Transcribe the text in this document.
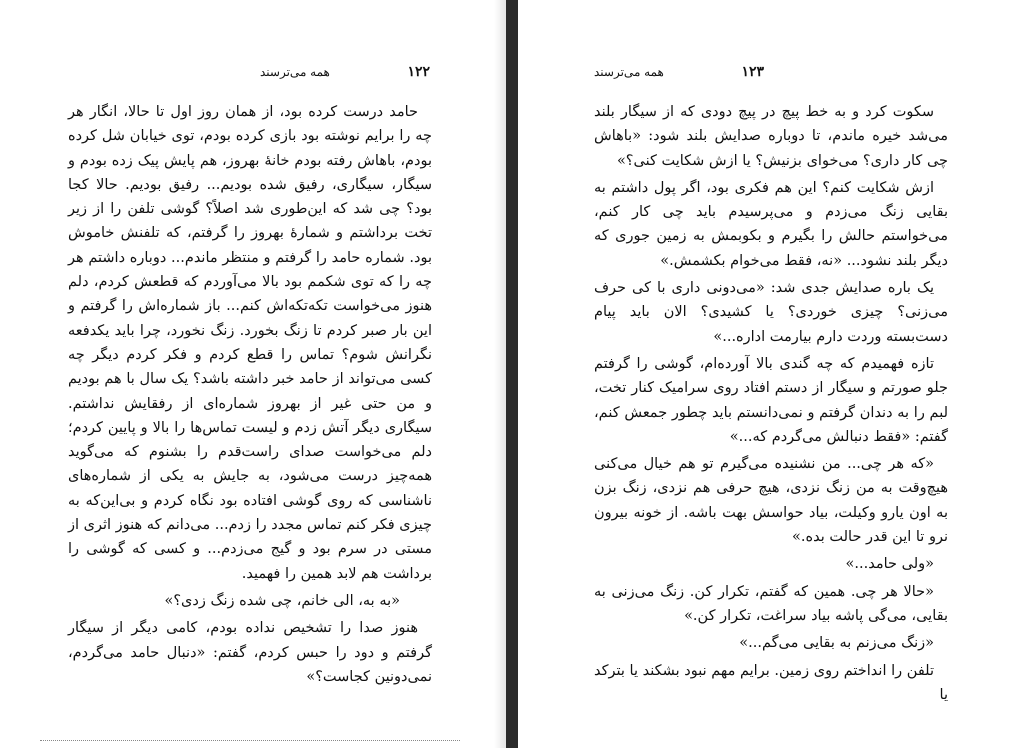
۱۲۲
همه می‌ترسند

حامد درست کرده بود، از همان روز اول تا حالا، انگار هر چه را برایم نوشته بود بازی کرده بودم، توی خیابان شل کرده بودم، باهاش رفته بودم خانهٔ بهروز، هم پایش پیک زده بودم و سیگار، سیگاری، رفیق شده بودیم... رفیق بودیم. حالا کجا بود؟ چی شد که این‌طوری شد اصلاً؟ گوشی تلفن را از زیر تخت برداشتم و شمارهٔ بهروز را گرفتم، که تلفنش خاموش بود. شماره حامد را گرفتم و منتظر ماندم... دوباره داشتم هر چه را که توی شکمم بود بالا می‌آوردم که قطعش کردم، دلم هنوز می‌خواست تکه‌تکه‌اش کنم... باز شماره‌اش را گرفتم و این بار صبر کردم تا زنگ بخورد. زنگ نخورد، چرا باید یکدفعه نگرانش شوم؟ تماس را قطع کردم و فکر کردم دیگر چه کسی می‌تواند از حامد خبر داشته باشد؟ یک سال با هم بودیم و من حتی غیر از بهروز شماره‌ای از رفقایش نداشتم. سیگاری دیگر آتش زدم و لیست تماس‌ها را بالا و پایین کردم؛ دلم می‌خواست صدای راست‌قدم را بشنوم که می‌گوید همه‌چیز درست می‌شود، به جایش به یکی از شماره‌های ناشناسی که روی گوشی افتاده بود نگاه کردم و بی‌این‌که به چیزی فکر کنم تماس مجدد را زدم... می‌دانم که هنوز اثری از مستی در سرم بود و گیج می‌زدم... و کسی که گوشی را برداشت هم لابد همین را فهمید.

«به به، الی خانم، چی شده زنگ زدی؟»

هنوز صدا را تشخیص نداده بودم، کامی دیگر از سیگار گرفتم و دود را حبس کردم، گفتم: «دنبال حامد می‌گردم، نمی‌دونین کجاست؟»

۱۲۳
همه می‌ترسند

سکوت کرد و به خط پیچ در پیچ دودی که از سیگار بلند می‌شد خیره ماندم، تا دوباره صدایش بلند شود: «باهاش چی کار داری؟ می‌خوای بزنیش؟ یا ازش شکایت کنی؟»

ازش شکایت کنم؟ این هم فکری بود، اگر پول داشتم به بقایی زنگ می‌زدم و می‌پرسیدم باید چی کار کنم، می‌خواستم حالش را بگیرم و بکوبمش به زمین جوری که دیگر بلند نشود... «نه، فقط می‌خوام بکشمش.»

یک باره صدایش جدی شد: «می‌دونی داری با کی حرف می‌زنی؟ چیزی خوردی؟ یا کشیدی؟ الان باید پیام دست‌بسته وردت دارم بیارمت اداره...»

تازه فهمیدم که چه گندی بالا آورده‌ام، گوشی را گرفتم جلو صورتم و سیگار از دستم افتاد روی سرامیک کنار تخت، لبم را به دندان گرفتم و نمی‌دانستم باید چطور جمعش کنم، گفتم: «فقط دنبالش می‌گردم که...»

«که هر چی... من نشنیده می‌گیرم تو هم خیال می‌کنی هیچ‌وقت به من زنگ نزدی، هیچ حرفی هم نزدی، زنگ بزن به اون یارو وکیلت، بیاد حواسش بهت باشه. از خونه بیرون نرو تا این قدر حالت بده.»

«ولی حامد...»

«حالا هر چی. همین که گفتم، تکرار کن. زنگ می‌زنی به بقایی، می‌گی پاشه بیاد سراغت، تکرار کن.»

«زنگ می‌زنم به بقایی می‌گم...»

تلفن را انداختم روی زمین. برایم مهم نبود بشکند یا بترکد یا
